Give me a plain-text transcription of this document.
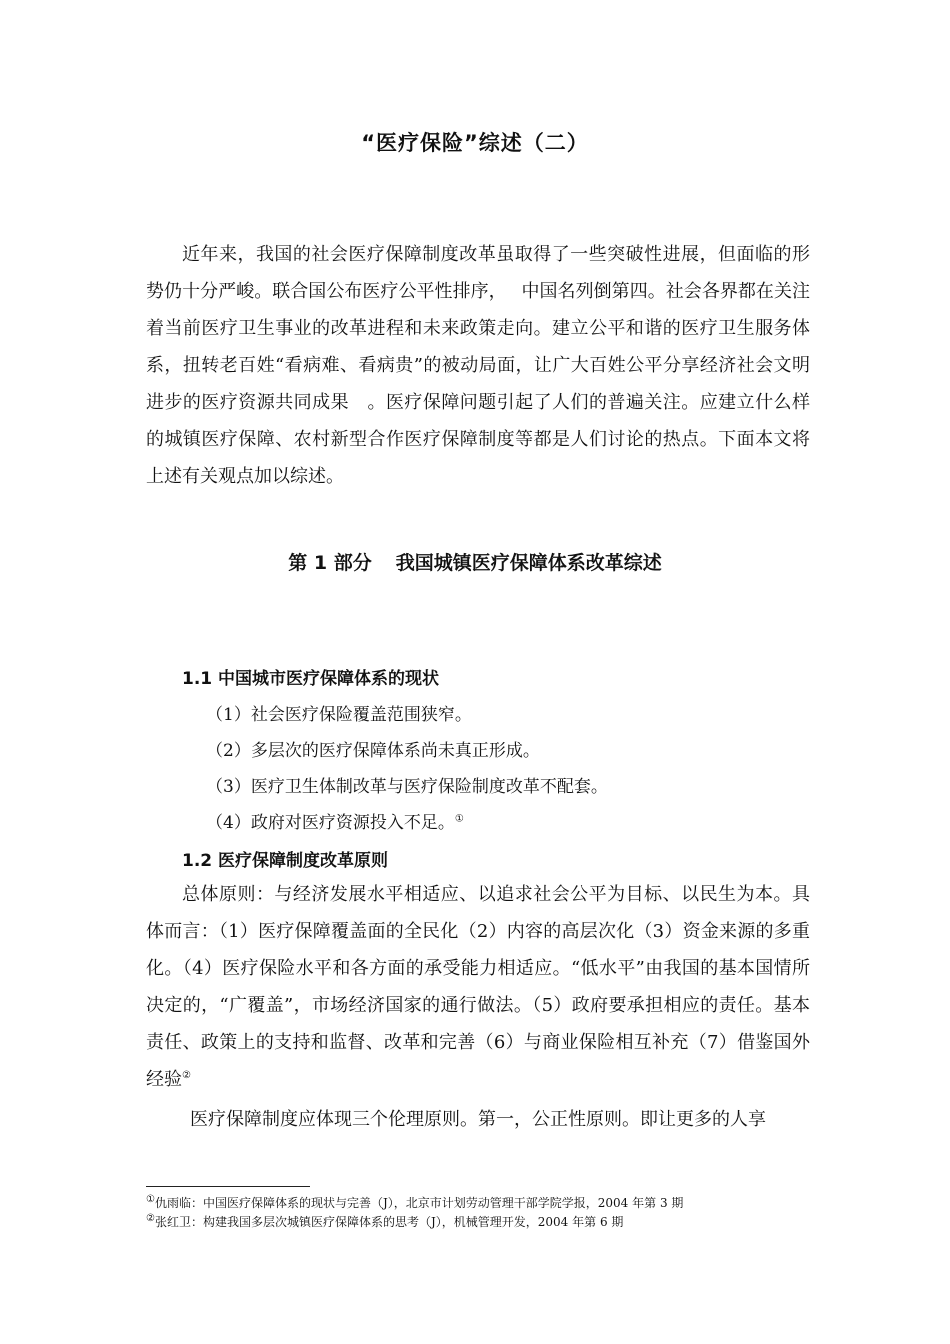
“医疗保险”综述（二）
近年来，我国的社会医疗保障制度改革虽取得了一些突破性进展，但面临的形势仍十分严峻。联合国公布医疗公平性排序，　 中国名列倒第四。社会各界都在关注着当前医疗卫生事业的改革进程和未来政策走向。建立公平和谐的医疗卫生服务体系，扭转老百姓“看病难、看病贵”的被动局面，让广大百姓公平分享经济社会文明进步的医疗资源共同成果　。医疗保障问题引起了人们的普遍关注。应建立什么样的城镇医疗保障、农村新型合作医疗保障制度等都是人们讨论的热点。下面本文将上述有关观点加以综述。
第 1 部分 我国城镇医疗保障体系改革综述
1.1 中国城市医疗保障体系的现状
（1）社会医疗保险覆盖范围狭窄。
（2）多层次的医疗保障体系尚未真正形成。
（3）医疗卫生体制改革与医疗保险制度改革不配套。
（4）政府对医疗资源投入不足。①
1.2 医疗保障制度改革原则
总体原则：与经济发展水平相适应、以追求社会公平为目标、以民生为本。具体而言：（1）医疗保障覆盖面的全民化（2）内容的高层次化（3）资金来源的多重化。（4）医疗保险水平和各方面的承受能力相适应。“低水平”由我国的基本国情所决定的，“广覆盖”，市场经济国家的通行做法。（5）政府要承担相应的责任。基本责任、政策上的支持和监督、改革和完善（6）与商业保险相互补充（7）借鉴国外经验②
医疗保障制度应体现三个伦理原则。第一，公正性原则。即让更多的人享
①仇雨临：中国医疗保障体系的现状与完善（J），北京市计划劳动管理干部学院学报，2004 年第 3 期
②张红卫：构建我国多层次城镇医疗保障体系的思考（J），机械管理开发，2004 年第 6 期
